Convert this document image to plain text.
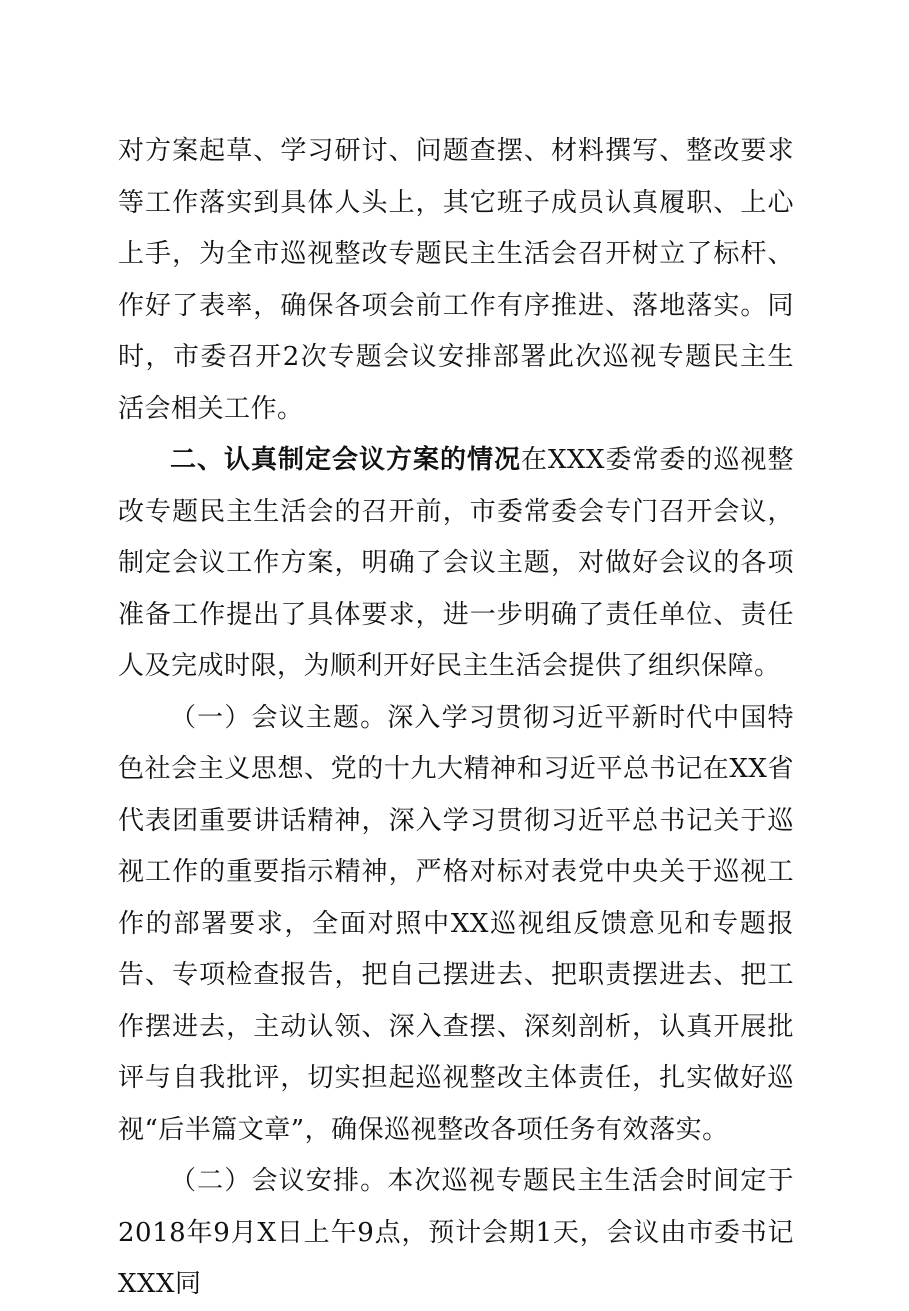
对方案起草、学习研讨、问题查摆、材料撰写、整改要求等工作落实到具体人头上，其它班子成员认真履职、上心上手，为全市巡视整改专题民主生活会召开树立了标杆、作好了表率，确保各项会前工作有序推进、落地落实。同时，市委召开2次专题会议安排部署此次巡视专题民主生活会相关工作。

二、认真制定会议方案的情况在XXX委常委的巡视整改专题民主生活会的召开前，市委常委会专门召开会议，制定会议工作方案，明确了会议主题，对做好会议的各项准备工作提出了具体要求，进一步明确了责任单位、责任人及完成时限，为顺利开好民主生活会提供了组织保障。

（一）会议主题。深入学习贯彻习近平新时代中国特色社会主义思想、党的十九大精神和习近平总书记在XX省代表团重要讲话精神，深入学习贯彻习近平总书记关于巡视工作的重要指示精神，严格对标对表党中央关于巡视工作的部署要求，全面对照中XX巡视组反馈意见和专题报告、专项检查报告，把自己摆进去、把职责摆进去、把工作摆进去，主动认领、深入查摆、深刻剖析，认真开展批评与自我批评，切实担起巡视整改主体责任，扎实做好巡视“后半篇文章”，确保巡视整改各项任务有效落实。

（二）会议安排。本次巡视专题民主生活会时间定于2018年9月X日上午9点，预计会期1天，会议由市委书记XXX同
